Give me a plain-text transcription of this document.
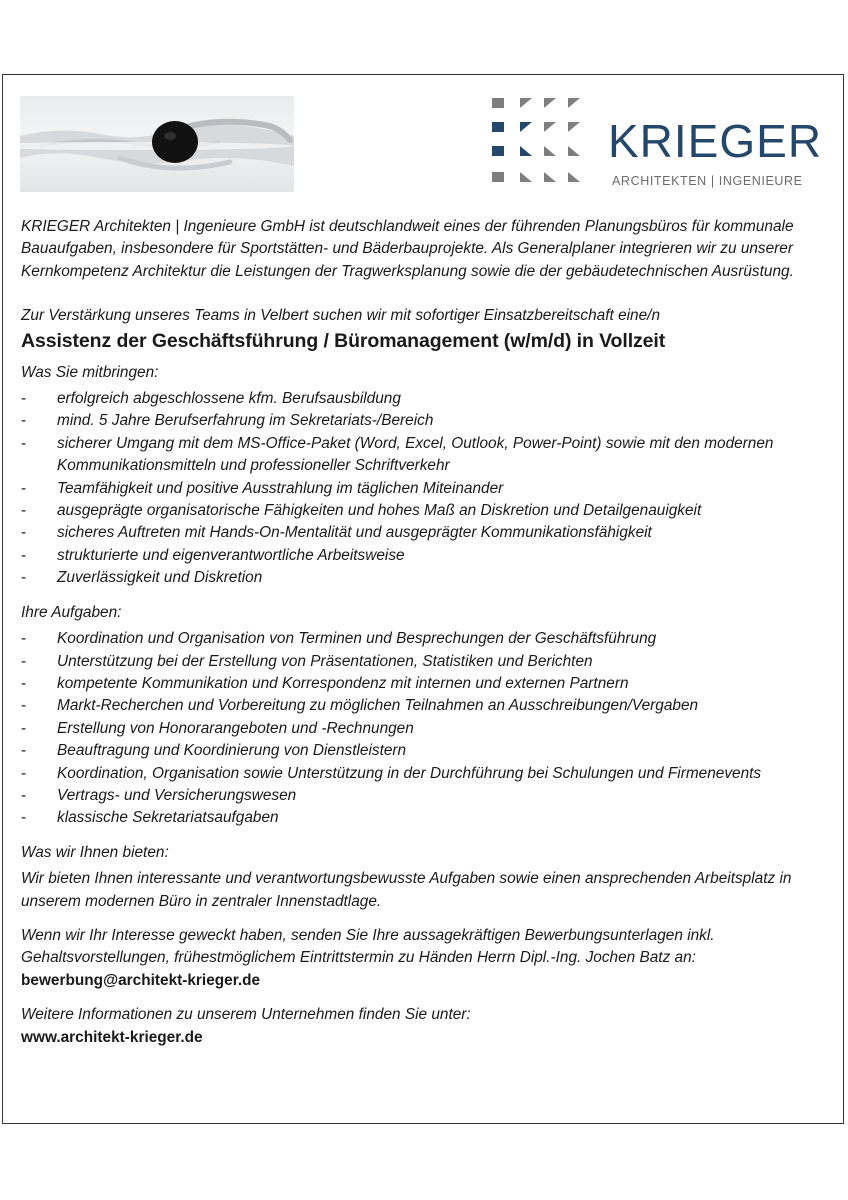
KRIEGER
ARCHITEKTEN | INGENIEURE

KRIEGER Architekten | Ingenieure GmbH ist deutschlandweit eines der führenden Planungsbüros für kommunale Bauaufgaben, insbesondere für Sportstätten- und Bäderbauprojekte. Als Generalplaner integrieren wir zu unserer Kernkompetenz Architektur die Leistungen der Tragwerksplanung sowie die der gebäudetechnischen Ausrüstung.

Zur Verstärkung unseres Teams in Velbert suchen wir mit sofortiger Einsatzbereitschaft eine/n

Assistenz der Geschäftsführung / Büromanagement (w/m/d) in Vollzeit

Was Sie mitbringen:

- erfolgreich abgeschlossene kfm. Berufsausbildung
- mind. 5 Jahre Berufserfahrung im Sekretariats-/Bereich
- sicherer Umgang mit dem MS-Office-Paket (Word, Excel, Outlook, Power-Point) sowie mit den modernen Kommunikationsmitteln und professioneller Schriftverkehr
- Teamfähigkeit und positive Ausstrahlung im täglichen Miteinander
- ausgeprägte organisatorische Fähigkeiten und hohes Maß an Diskretion und Detailgenauigkeit
- sicheres Auftreten mit Hands-On-Mentalität und ausgeprägter Kommunikationsfähigkeit
- strukturierte und eigenverantwortliche Arbeitsweise
- Zuverlässigkeit und Diskretion

Ihre Aufgaben:

- Koordination und Organisation von Terminen und Besprechungen der Geschäftsführung
- Unterstützung bei der Erstellung von Präsentationen, Statistiken und Berichten
- kompetente Kommunikation und Korrespondenz mit internen und externen Partnern
- Markt-Recherchen und Vorbereitung zu möglichen Teilnahmen an Ausschreibungen/Vergaben
- Erstellung von Honorarangeboten und -Rechnungen
- Beauftragung und Koordinierung von Dienstleistern
- Koordination, Organisation sowie Unterstützung in der Durchführung bei Schulungen und Firmenevents
- Vertrags- und Versicherungswesen
- klassische Sekretariatsaufgaben

Was wir Ihnen bieten:

Wir bieten Ihnen interessante und verantwortungsbewusste Aufgaben sowie einen ansprechenden Arbeitsplatz in unserem modernen Büro in zentraler Innenstadtlage.

Wenn wir Ihr Interesse geweckt haben, senden Sie Ihre aussagekräftigen Bewerbungsunterlagen inkl. Gehaltsvorstellungen, frühestmöglichem Eintrittstermin zu Händen Herrn Dipl.-Ing. Jochen Batz an:

bewerbung@architekt-krieger.de

Weitere Informationen zu unserem Unternehmen finden Sie unter:

www.architekt-krieger.de
